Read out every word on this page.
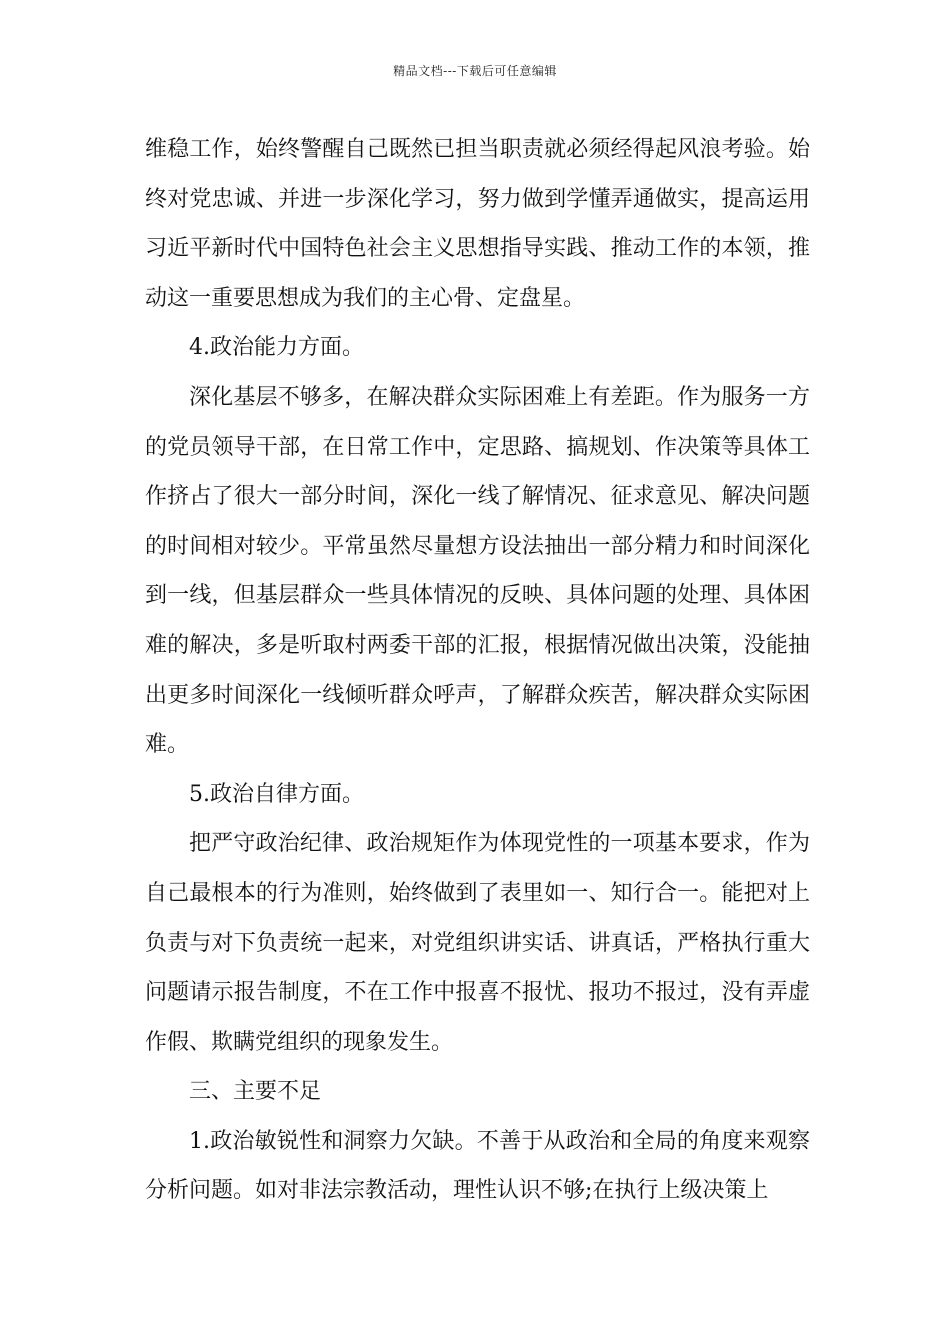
精品文档---下载后可任意编辑

维稳工作，始终警醒自己既然已担当职责就必须经得起风浪考验。始终对党忠诚、并进一步深化学习，努力做到学懂弄通做实，提高运用习近平新时代中国特色社会主义思想指导实践、推动工作的本领，推动这一重要思想成为我们的主心骨、定盘星。

4.政治能力方面。

深化基层不够多，在解决群众实际困难上有差距。作为服务一方的党员领导干部，在日常工作中，定思路、搞规划、作决策等具体工作挤占了很大一部分时间，深化一线了解情况、征求意见、解决问题的时间相对较少。平常虽然尽量想方设法抽出一部分精力和时间深化到一线，但基层群众一些具体情况的反映、具体问题的处理、具体困难的解决，多是听取村两委干部的汇报，根据情况做出决策，没能抽出更多时间深化一线倾听群众呼声，了解群众疾苦，解决群众实际困难。

5.政治自律方面。

把严守政治纪律、政治规矩作为体现党性的一项基本要求，作为自己最根本的行为准则，始终做到了表里如一、知行合一。能把对上负责与对下负责统一起来，对党组织讲实话、讲真话，严格执行重大问题请示报告制度，不在工作中报喜不报忧、报功不报过，没有弄虚作假、欺瞒党组织的现象发生。

三、主要不足

1.政治敏锐性和洞察力欠缺。不善于从政治和全局的角度来观察分析问题。如对非法宗教活动，理性认识不够;在执行上级决策上
